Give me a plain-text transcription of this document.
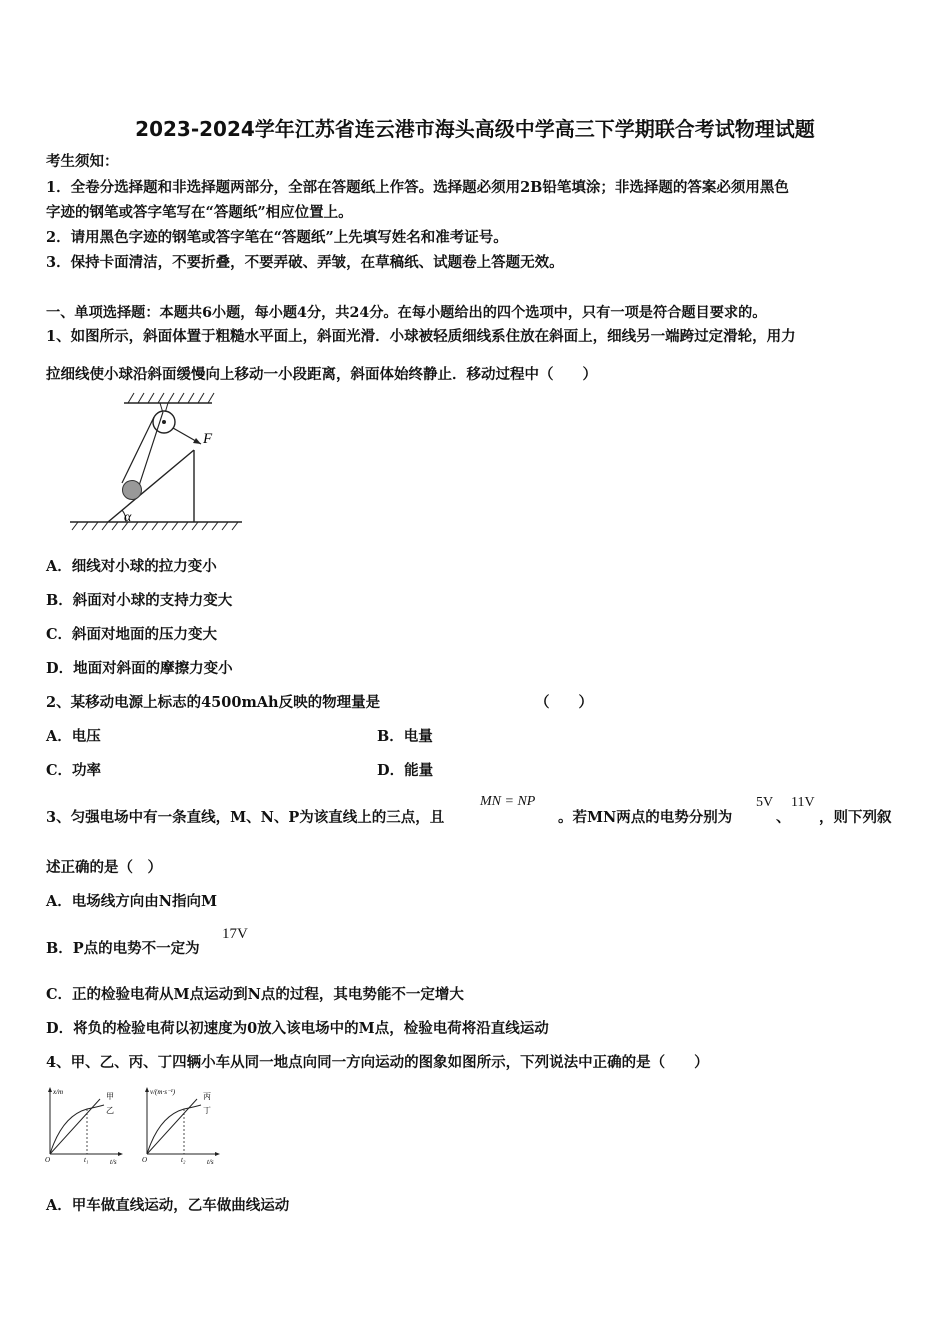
2023-2024学年江苏省连云港市海头高级中学高三下学期联合考试物理试题
考生须知：
1．全卷分选择题和非选择题两部分，全部在答题纸上作答。选择题必须用2B铅笔填涂；非选择题的答案必须用黑色
字迹的钢笔或答字笔写在“答题纸”相应位置上。
2．请用黑色字迹的钢笔或答字笔在“答题纸”上先填写姓名和准考证号。
3．保持卡面清洁，不要折叠，不要弄破、弄皱，在草稿纸、试题卷上答题无效。
一、单项选择题：本题共6小题，每小题4分，共24分。在每小题给出的四个选项中，只有一项是符合题目要求的。
1、如图所示，斜面体置于粗糙水平面上，斜面光滑．小球被轻质细线系住放在斜面上，细线另一端跨过定滑轮，用力
拉细线使小球沿斜面缓慢向上移动一小段距离，斜面体始终静止．移动过程中（　　）
F
α
A．细线对小球的拉力变小
B．斜面对小球的支持力变大
C．斜面对地面的压力变大
D．地面对斜面的摩擦力变小
2、某移动电源上标志的4500mAh反映的物理量是	（　　）
A．电压	B．电量
C．功率	D．能量
3、匀强电场中有一条直线，M、N、P为该直线上的三点，且
MN = NP
。若MN两点的电势分别为
5V
、
11V
，则下列叙
述正确的是（　）
A．电场线方向由N指向M
B．P点的电势不一定为
17V
C．正的检验电荷从M点运动到N点的过程，其电势能不一定增大
D．将负的检验电荷以初速度为0放入该电场中的M点，检验电荷将沿直线运动
4、甲、乙、丙、丁四辆小车从同一地点向同一方向运动的图象如图所示，下列说法中正确的是（　　）
x/m
t/s
O	t₁
甲
乙
v/(m·s⁻¹)
t/s
O	t₂
丙
丁
A．甲车做直线运动，乙车做曲线运动
